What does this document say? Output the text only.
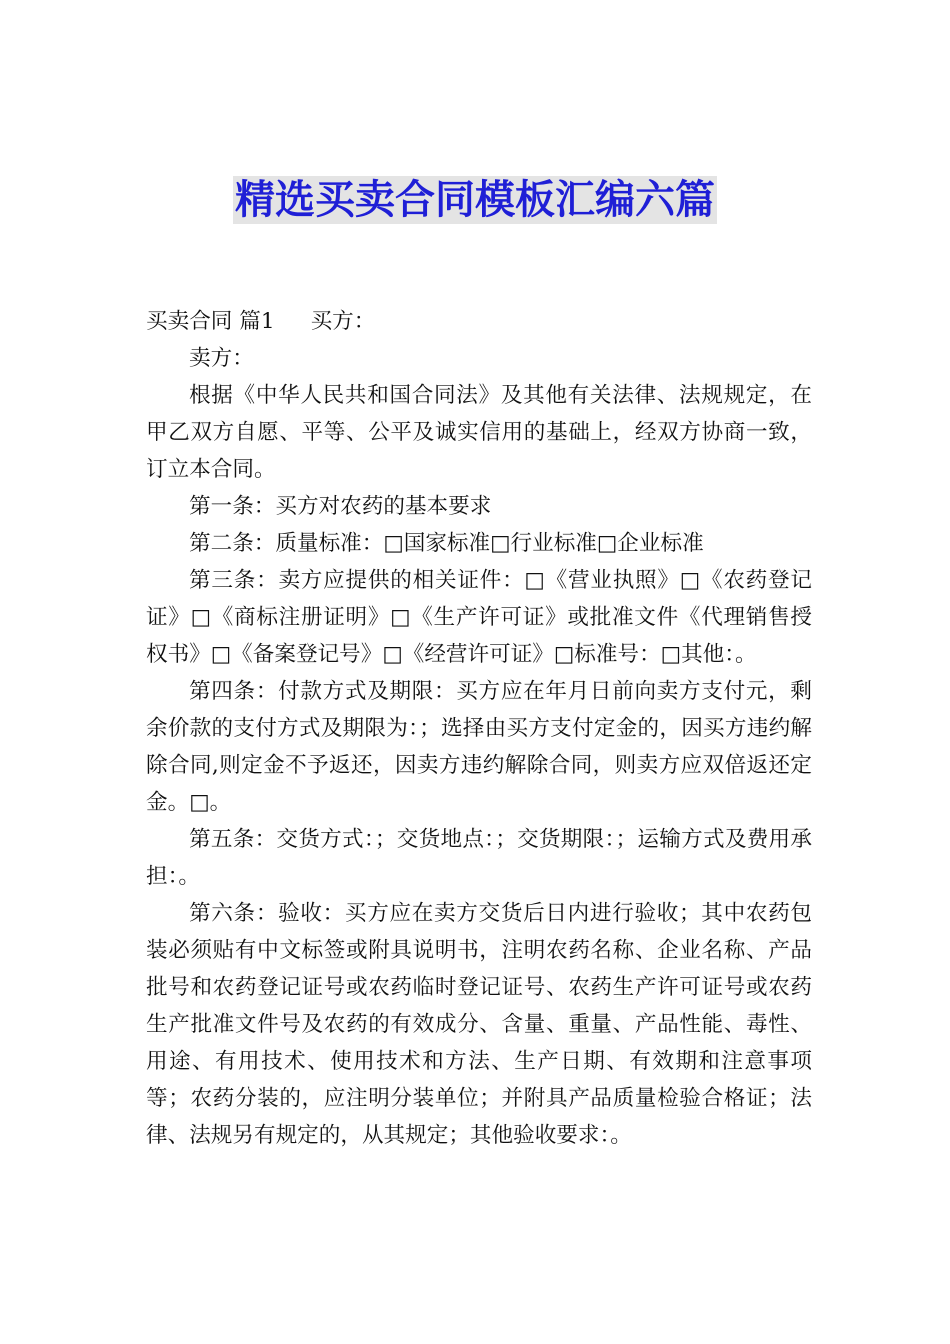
精选买卖合同模板汇编六篇

买卖合同 篇1 买方：

卖方：

根据《中华人民共和国合同法》及其他有关法律、法规规定，在甲乙双方自愿、平等、公平及诚实信用的基础上，经双方协商一致，订立本合同。

第一条：买方对农药的基本要求

第二条：质量标准：□国家标准□行业标准□企业标准

第三条：卖方应提供的相关证件：□《营业执照》□《农药登记证》□《商标注册证明》□《生产许可证》或批准文件《代理销售授权书》□《备案登记号》□《经营许可证》□标准号：□其他：。

第四条：付款方式及期限：买方应在年月日前向卖方支付元，剩余价款的支付方式及期限为：；选择由买方支付定金的，因买方违约解除合同,则定金不予返还，因卖方违约解除合同，则卖方应双倍返还定金。□。

第五条：交货方式：；交货地点：；交货期限：；运输方式及费用承担：。

第六条：验收：买方应在卖方交货后日内进行验收；其中农药包装必须贴有中文标签或附具说明书，注明农药名称、企业名称、产品批号和农药登记证号或农药临时登记证号、农药生产许可证号或农药生产批准文件号及农药的有效成分、含量、重量、产品性能、毒性、用途、有用技术、使用技术和方法、生产日期、有效期和注意事项等；农药分装的，应注明分装单位；并附具产品质量检验合格证；法律、法规另有规定的，从其规定；其他验收要求：。
